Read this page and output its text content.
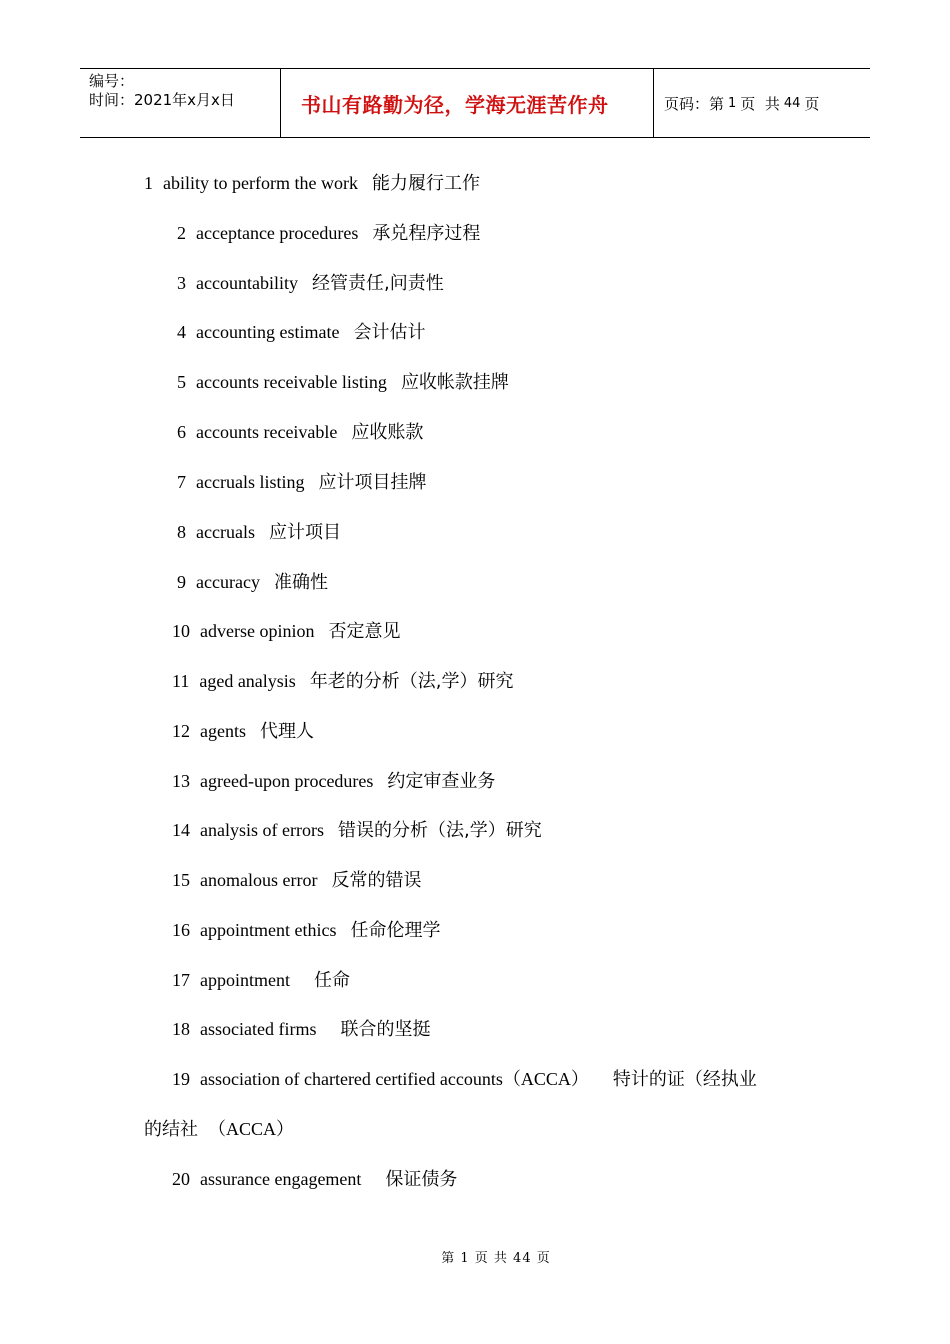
编号：
时间：2021年x月x日	书山有路勤为径，学海无涯苦作舟	页码：第 1 页  共 44 页
1 ability to perform the work 能力履行工作
2 acceptance procedures 承兑程序过程
3 accountability 经管责任,问责性
4 accounting estimate 会计估计
5 accounts receivable listing 应收帐款挂牌
6 accounts receivable 应收账款
7 accruals listing 应计项目挂牌
8 accruals 应计项目
9 accuracy 准确性
10 adverse opinion 否定意见
11 aged analysis 年老的分析（法,学）研究
12 agents 代理人
13 agreed-upon procedures 约定审查业务
14 analysis of errors 错误的分析（法,学）研究
15 anomalous error 反常的错误
16 appointment ethics 任命伦理学
17 appointment 任命
18 associated firms 联合的坚挺
19 association of chartered certified accounts（ACCA） 特计的证（经执业
的结社 （ACCA）
20 assurance engagement 保证债务
第 1 页 共 44 页
